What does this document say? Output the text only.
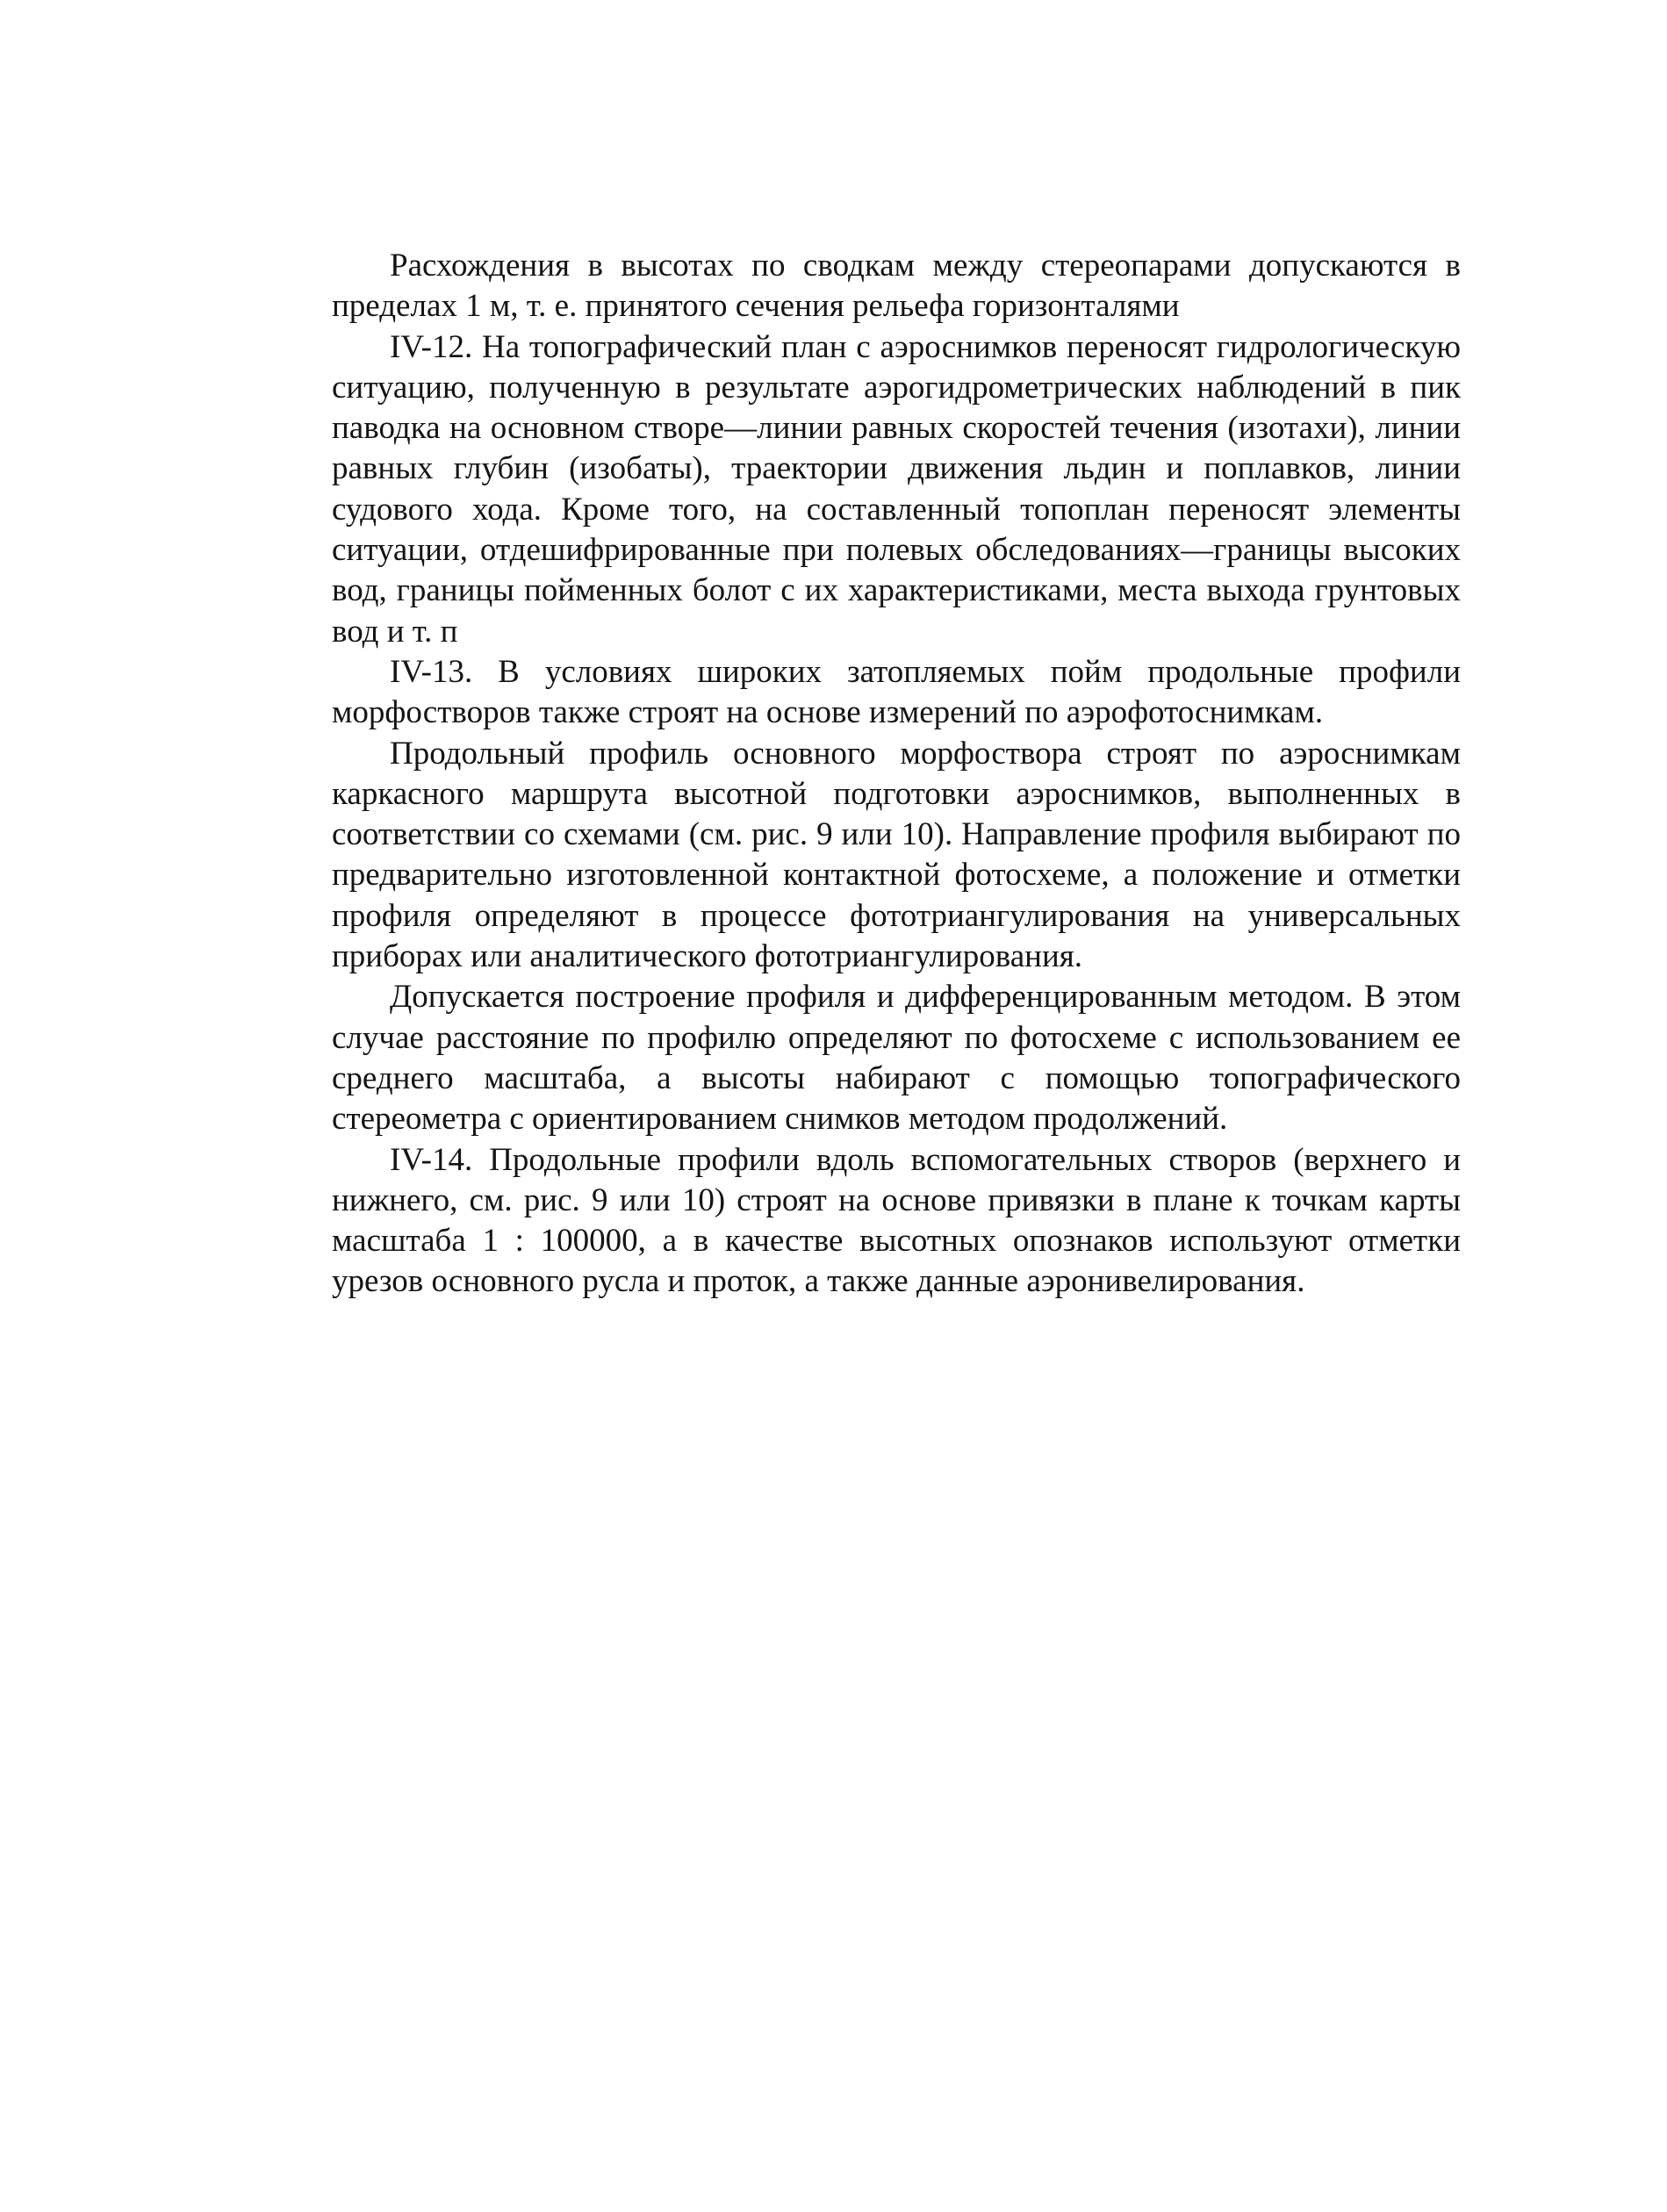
Расхождения в высотах по сводкам между стереопарами допускаются в пределах 1 м, т. е. принятого сечения рельефа горизонталями

IV-12. На топографический план с аэроснимков переносят гидрологическую ситуацию, полученную в результате аэрогидрометрических наблюдений в пик паводка на основном створе—линии равных скоростей течения (изотахи), линии равных глубин (изобаты), траектории движения льдин и поплавков, линии судового хода. Кроме того, на составленный топоплан переносят элементы ситуации, отдешифрированные при полевых обследованиях—границы высоких вод, границы пойменных болот с их характеристиками, места выхода грунтовых вод и т. п

IV-13. В условиях широких затопляемых пойм продольные профили морфостворов также строят на основе измерений по аэрофотоснимкам.

Продольный профиль основного морфоствора строят по аэроснимкам каркасного маршрута высотной подготовки аэроснимков, выполненных в соответствии со схемами (см. рис. 9 или 10). Направление профиля выбирают по предварительно изготовленной контактной фотосхеме, а положение и отметки профиля определяют в процессе фототриангулирования на универсальных приборах или аналитического фототриангулирования.

Допускается построение профиля и дифференцированным методом. В этом случае расстояние по профилю определяют по фотосхеме с использованием ее среднего масштаба, а высоты набирают с помощью топографического стереометра с ориентированием снимков методом продолжений.

IV-14. Продольные профили вдоль вспомогательных створов (верхнего и нижнего, см. рис. 9 или 10) строят на основе привязки в плане к точкам карты масштаба 1 : 100000, а в качестве высотных опознаков используют отметки урезов основного русла и проток, а также данные аэронивелирования.
